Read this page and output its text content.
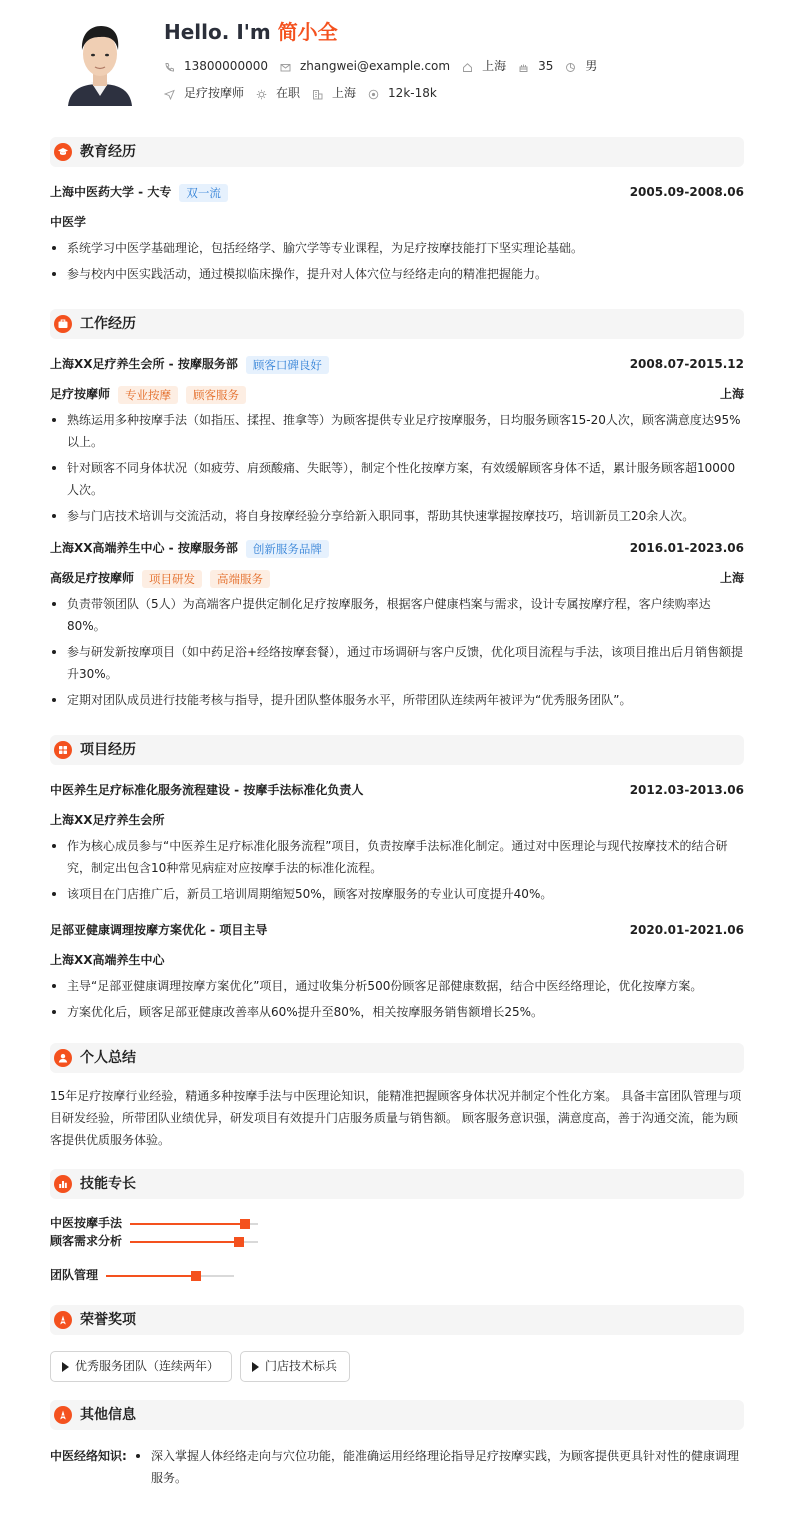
Hello. I'm 简小全
13800000000	zhangwei@example.com	上海	35	男
足疗按摩师	在职	上海	12k-18k
教育经历
上海中医药大学 - 大专	双一流	2005.09-2008.06
中医学
系统学习中医学基础理论，包括经络学、腧穴学等专业课程，为足疗按摩技能打下坚实理论基础。
参与校内中医实践活动，通过模拟临床操作，提升对人体穴位与经络走向的精准把握能力。
工作经历
上海XX足疗养生会所 - 按摩服务部	顾客口碑良好	2008.07-2015.12
足疗按摩师	专业按摩	顾客服务	上海
熟练运用多种按摩手法（如指压、揉捏、推拿等）为顾客提供专业足疗按摩服务，日均服务顾客15-20人次，顾客满意度达95%以上。
针对顾客不同身体状况（如疲劳、肩颈酸痛、失眠等），制定个性化按摩方案，有效缓解顾客身体不适，累计服务顾客超10000人次。
参与门店技术培训与交流活动，将自身按摩经验分享给新入职同事，帮助其快速掌握按摩技巧，培训新员工20余人次。
上海XX高端养生中心 - 按摩服务部	创新服务品牌	2016.01-2023.06
高级足疗按摩师	项目研发	高端服务	上海
负责带领团队（5人）为高端客户提供定制化足疗按摩服务，根据客户健康档案与需求，设计专属按摩疗程，客户续购率达80%。
参与研发新按摩项目（如中药足浴+经络按摩套餐），通过市场调研与客户反馈，优化项目流程与手法，该项目推出后月销售额提升30%。
定期对团队成员进行技能考核与指导，提升团队整体服务水平，所带团队连续两年被评为“优秀服务团队”。
项目经历
中医养生足疗标准化服务流程建设 - 按摩手法标准化负责人	2012.03-2013.06
上海XX足疗养生会所
作为核心成员参与“中医养生足疗标准化服务流程”项目，负责按摩手法标准化制定。通过对中医理论与现代按摩技术的结合研究，制定出包含10种常见病症对应按摩手法的标准化流程。
该项目在门店推广后，新员工培训周期缩短50%，顾客对按摩服务的专业认可度提升40%。
足部亚健康调理按摩方案优化 - 项目主导	2020.01-2021.06
上海XX高端养生中心
主导“足部亚健康调理按摩方案优化”项目，通过收集分析500份顾客足部健康数据，结合中医经络理论，优化按摩方案。
方案优化后，顾客足部亚健康改善率从60%提升至80%，相关按摩服务销售额增长25%。
个人总结
15年足疗按摩行业经验，精通多种按摩手法与中医理论知识，能精准把握顾客身体状况并制定个性化方案。 具备丰富团队管理与项目研发经验，所带团队业绩优异，研发项目有效提升门店服务质量与销售额。 顾客服务意识强，满意度高，善于沟通交流，能为顾客提供优质服务体验。
技能专长
中医按摩手法
顾客需求分析
团队管理
荣誉奖项
优秀服务团队（连续两年）	门店技术标兵
其他信息
中医经络知识:	深入掌握人体经络走向与穴位功能，能准确运用经络理论指导足疗按摩实践，为顾客提供更具针对性的健康调理服务。
